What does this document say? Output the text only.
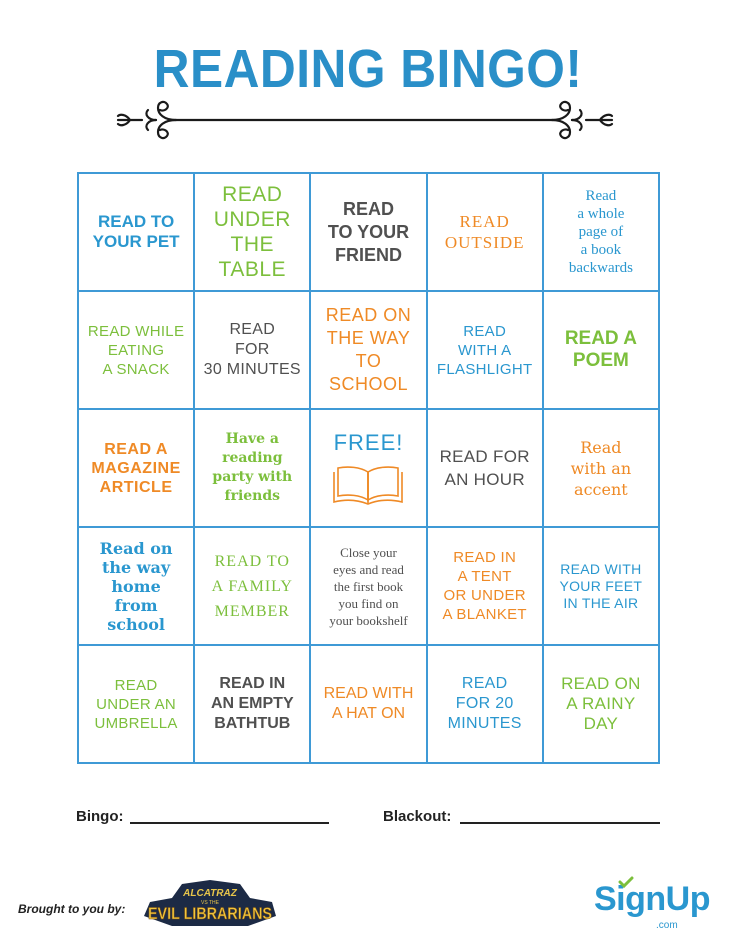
READING BINGO!
READ TO
YOUR PET
READ
UNDER
THE TABLE
READ
TO YOUR
FRIEND
READ
OUTSIDE
Read
a whole
page of
a book
backwards
READ WHILE
EATING
A SNACK
READ
FOR
30 MINUTES
READ ON
THE WAY
TO SCHOOL
READ
WITH A
FLASHLIGHT
READ A
POEM
READ A
MAGAZINE
ARTICLE
Have a
reading
party with
friends
FREE!
READ FOR
AN HOUR
Read
with an
accent
Read on
the way
home
from
school
READ TO
A FAMILY
MEMBER
Close your
eyes and read
the first book
you find on
your bookshelf
READ IN
A TENT
OR UNDER
A BLANKET
READ WITH
YOUR FEET
IN THE AIR
READ
UNDER AN
UMBRELLA
READ IN
AN EMPTY
BATHTUB
READ WITH
A HAT ON
READ
FOR 20
MINUTES
READ ON
A RAINY
DAY
Bingo:	Blackout:
Brought to you by:
ALCATRAZ
VS THE
EVIL LIBRARIANS	SignUp
.com
